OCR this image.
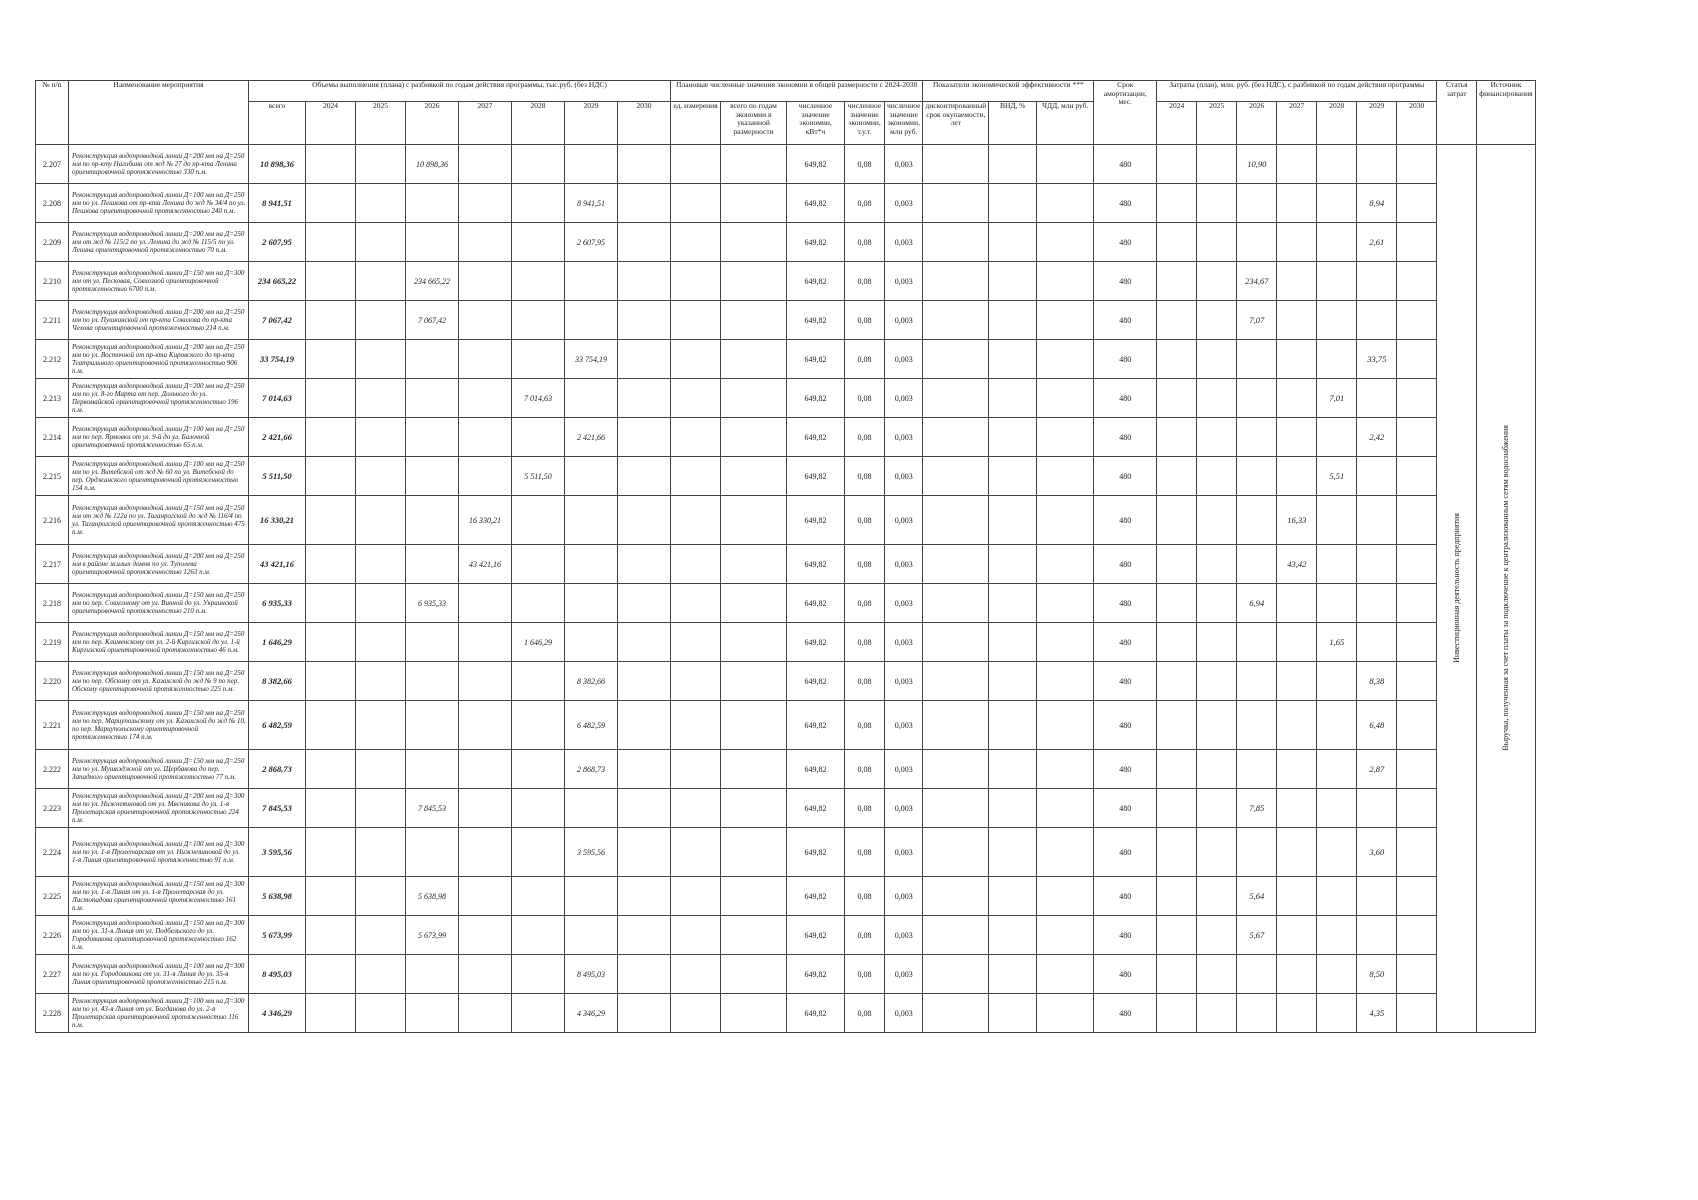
№ п/п	Наименование мероприятия	Объемы выполнения (плана) с разбивкой по годам действия программы, тыс.руб. (без НДС)								Плановые численные значения экономии в общей размерности с 2024-2030					Показатели экономической эффективности ***			Срок амортизации, мес.	Затраты (план), млн. руб. (без НДС), с разбивкой по годам действия программы							Статья затрат	Источник финансирования
		всего	2024	2025	2026	2027	2028	2029	2030	ед. измерения	всего по годам экономии в указанной размерности	численное значение экономии, кВт*ч	численное значение экономии, т.у.т.	численное значение экономии, млн руб.	дисконтированный срок окупаемости, лет	ВНД, %	ЧДД, млн руб.		2024	2025	2026	2027	2028	2029	2030		
2.207	Реконструкция водопроводной линии Д=200 мм на Д=250 мм по пр-кту Нагибина от жд № 27 до пр-кта Ленина ориентировочной протяженностью 330 п.м.	10 898,36			10 898,36							649,82	0,08	0,003				480			10,90					Инвестиционная деятельность предприятия	Выручка, полученная за счет платы за подключение к централизованным сетям водоснабжения
2.208	Реконструкция водопроводной линии Д=100 мм на Д=250 мм по ул. Пешкова от пр-кта Ленина до жд № 34/4 по ул. Пешкова ориентировочной протяженностью 240 п.м.	8 941,51						8 941,51				649,82	0,08	0,003				480						8,94			
2.209	Реконструкция водопроводной линии Д=200 мм на Д=250 мм от жд № 115/2 по ул. Ленина до жд № 115/5 по ул. Ленина ориентировочной протяженностью 70 п.м.	2 607,95						2 607,95				649,82	0,08	0,003				480						2,61			
2.210	Реконструкция водопроводной линии Д=150 мм на Д=300 мм от ул. Песковая, Совхозной ориентировочной протяженностью 6700 п.м.	234 665,22			234 665,22							649,82	0,08	0,003				480			234,67						
2.211	Реконструкция водопроводной линии Д=200 мм на Д=250 мм по ул. Пушкинской от пр-кта Соколова до пр-кта Чехова ориентировочной протяженностью 214 п.м.	7 067,42			7 067,42							649,82	0,08	0,003				480			7,07						
2.212	Реконструкция водопроводной линии Д=200 мм на Д=250 мм по ул. Восточной от пр-кта Кировского до пр-кта Театрального ориентировочной протяженностью 906 п.м.	33 754,19						33 754,19				649,82	0,08	0,003				480						33,75			
2.213	Реконструкция водопроводной линии Д=200 мм на Д=250 мм по ул. 8-го Марта от пер. Дольного до ул. Первомайской ориентировочной протяженностью 196 п.м.	7 014,63					7 014,63					649,82	0,08	0,003				480					7,01				
2.214	Реконструкция водопроводной линии Д=100 мм на Д=250 мм по пер. Ярмовки от ул. 9-й до ул. Балочной ориентировочной протяженностью 65 п.м.	2 421,66						2 421,66				649,82	0,08	0,003				480						2,42			
2.215	Реконструкция водопроводной линии Д=100 мм на Д=250 мм по ул. Витебской от жд № 60 по ул. Витебской до пер. Орджанского ориентировочной протяженностью 154 п.м.	5 511,50					5 511,50					649,82	0,08	0,003				480					5,51				
2.216	Реконструкция водопроводной линии Д=150 мм на Д=250 мм от жд № 122а по ул. Таганрогской до жд № 116/4 по ул. Таганрогской ориентировочной протяженностью 475 п.м.	16 330,21				16 330,21						649,82	0,08	0,003				480				16,33					
2.217	Реконструкция водопроводной линии Д=200 мм на Д=250 мм в районе жилых домов по ул. Туполева ориентировочной протяженностью 1263 п.м.	43 421,16				43 421,16						649,82	0,08	0,003				480				43,42					
2.218	Реконструкция водопроводной линии Д=150 мм на Д=250 мм по пер. Совхозному от ул. Винной до ул. Украинской ориентировочной протяженностью 210 п.м.	6 935,33			6 935,33							649,82	0,08	0,003				480			6,94						
2.219	Реконструкция водопроводной линии Д=150 мм на Д=250 мм по пер. Клименскому от ул. 2-й Киргизской до ул. 1-й Киргизской ориентировочной протяженностью 46 п.м.	1 646,29					1 646,29					649,82	0,08	0,003				480					1,65				
2.220	Реконструкция водопроводной линии Д=150 мм на Д=250 мм по пер. Обскому от ул. Казахской до жд № 9 по пер. Обскому ориентировочной протяженностью 225 п.м.	8 382,66						8 382,66				649,82	0,08	0,003				480						8,38			
2.221	Реконструкция водопроводной линии Д=150 мм на Д=250 мм по пер. Мариупольскому от ул. Казахской до жд № 10, по пер. Мариупольскому ориентировочной протяженностью 174 п.м.	6 482,59						6 482,59				649,82	0,08	0,003				480						6,48			
2.222	Реконструкция водопроводной линии Д=150 мм на Д=250 мм по ул. Мушкэджной от ул. Щербакова до пер. Западного ориентировочной протяженностью 77 п.м.	2 868,73						2 868,73				649,82	0,08	0,003				480						2,87			
2.223	Реконструкция водопроводной линии Д=200 мм на Д=300 мм по ул. Нижнеяиновой от ул. Мясникова до ул. 1-я Пролетарская ориентировочной протяженностью 224 п.м.	7 845,53			7 845,53							649,82	0,08	0,003				480			7,85						
2.224	Реконструкция водопроводной линии Д=100 мм на Д=300 мм по ул. 1-я Пролетарская от ул. Нижнеяиновой до ул. 1-я Линия ориентировочной протяженностью 91 п.м.	3 595,56						3 595,56				649,82	0,08	0,003				480						3,60			
2.225	Реконструкция водопроводной линии Д=150 мм на Д=300 мм по ул. 1-я Линия от ул. 1-я Пролетарская до ул. Листопадова ориентировочной протяженностью 161 п.м.	5 638,98			5 638,98							649,82	0,08	0,003				480			5,64						
2.226	Реконструкция водопроводной линии Д=150 мм на Д=300 мм по ул. 31-я Линия от ул. Подбельского до ул. Городовикова ориентировочной протяженностью 162 п.м.	5 673,99			5 673,99							649,82	0,08	0,003				480			5,67						
2.227	Реконструкция водопроводной линии Д=100 мм на Д=300 мм по ул. Городовикова от ул. 31-я Линия до ул. 35-я Линия ориентировочной протяженностью 215 п.м.	8 495,03						8 495,03				649,82	0,08	0,003				480						8,50			
2.228	Реконструкция водопроводной линии Д=100 мм на Д=300 мм по ул. 43-я Линия от ул. Богданова до ул. 2-я Пролетарская ориентировочной протяженностью 116 п.м.	4 346,29						4 346,29				649,82	0,08	0,003				480						4,35			
